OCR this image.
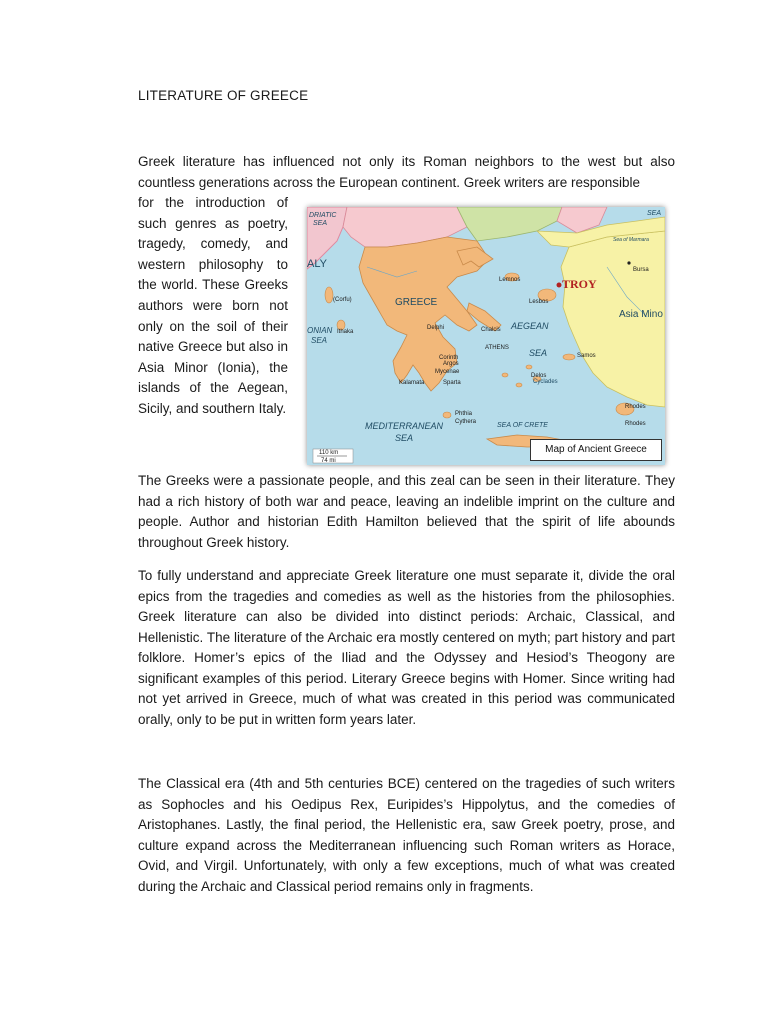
LITERATURE OF GREECE

Greek literature has influenced not only its Roman neighbors to the west but also countless generations across the European continent. Greek writers are responsible

for the introduction of such genres as poetry, tragedy, comedy, and western philosophy to the world. These Greeks authors were born not only on the soil of their native Greece but also in Asia Minor (Ionia), the islands of the Aegean, Sicily, and southern Italy.

DRIATIC
SEA
SEA
ALY
GREECE
AEGEAN
SEA
ONIAN
SEA
TROY
Asia Mino
MEDITERRANEAN
SEA
SEA OF CRETE
Sea of Marmara
(Corfu)
Delphi	Chalcis
ATHENS
Corinth
Argos
Mycenae
Kalamata	Sparta
Delos
Cyclades
Phthia
Cythera
Ithaka
Lesbos
Lemnos
Samos
Rhodes
Rhodes
Bursa
110 km
74 mi
Map of Ancient Greece

The Greeks were a passionate people, and this zeal can be seen in their literature. They had a rich history of both war and peace, leaving an indelible imprint on the culture and people. Author and historian Edith Hamilton believed that the spirit of life abounds throughout Greek history.

To fully understand and appreciate Greek literature one must separate it, divide the oral epics from the tragedies and comedies as well as the histories from the philosophies. Greek literature can also be divided into distinct periods: Archaic, Classical, and Hellenistic. The literature of the Archaic era mostly centered on myth; part history and part folklore. Homer’s epics of the Iliad and the Odyssey and Hesiod’s Theogony are significant examples of this period. Literary Greece begins with Homer. Since writing had not yet arrived in Greece, much of what was created in this period was communicated orally, only to be put in written form years later.

The Classical era (4th and 5th centuries BCE) centered on the tragedies of such writers as Sophocles and his Oedipus Rex, Euripides’s Hippolytus, and the comedies of Aristophanes. Lastly, the final period, the Hellenistic era, saw Greek poetry, prose, and culture expand across the Mediterranean influencing such Roman writers as Horace, Ovid, and Virgil. Unfortunately, with only a few exceptions, much of what was created during the Archaic and Classical period remains only in fragments.
